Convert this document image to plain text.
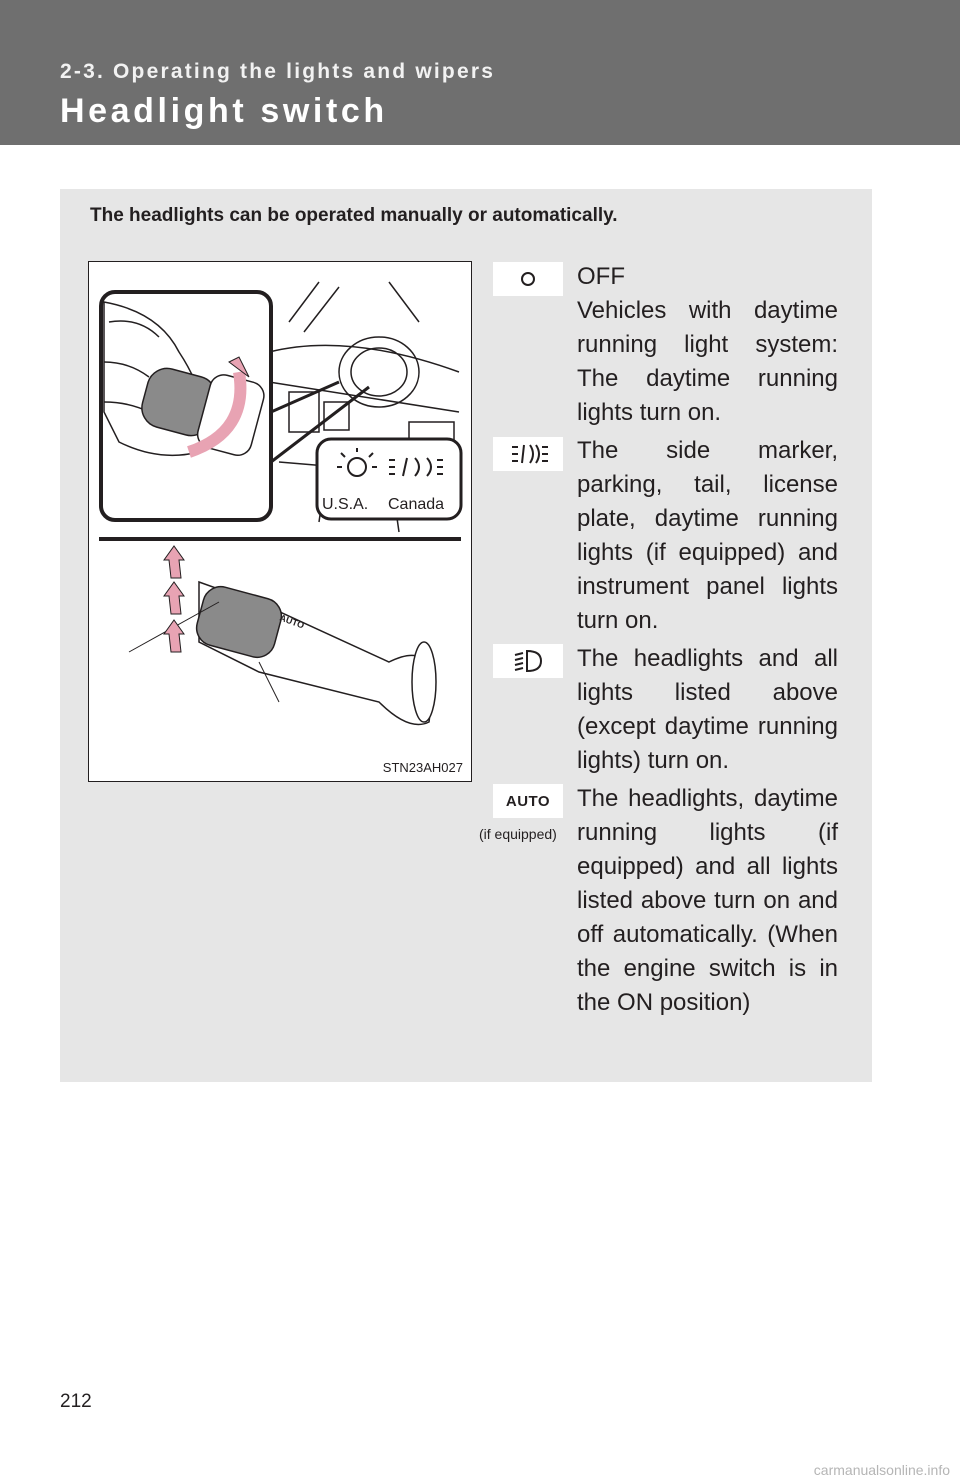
2-3. Operating the lights and wipers
Headlight switch
The headlights can be operated manually or automatically.
U.S.A. Canada
AUTO
STN23AH027
AUTO
(if equipped)
OFF
Vehicles with daytime running light system: The daytime running lights turn on.
The side marker, parking, tail, license plate, daytime running lights (if equipped) and instrument panel lights turn on.
The headlights and all lights listed above (except daytime running lights) turn on.
The headlights, daytime running lights (if equipped) and all lights listed above turn on and off automatically. (When the engine switch is in the ON position)
212
carmanualsonline.info
